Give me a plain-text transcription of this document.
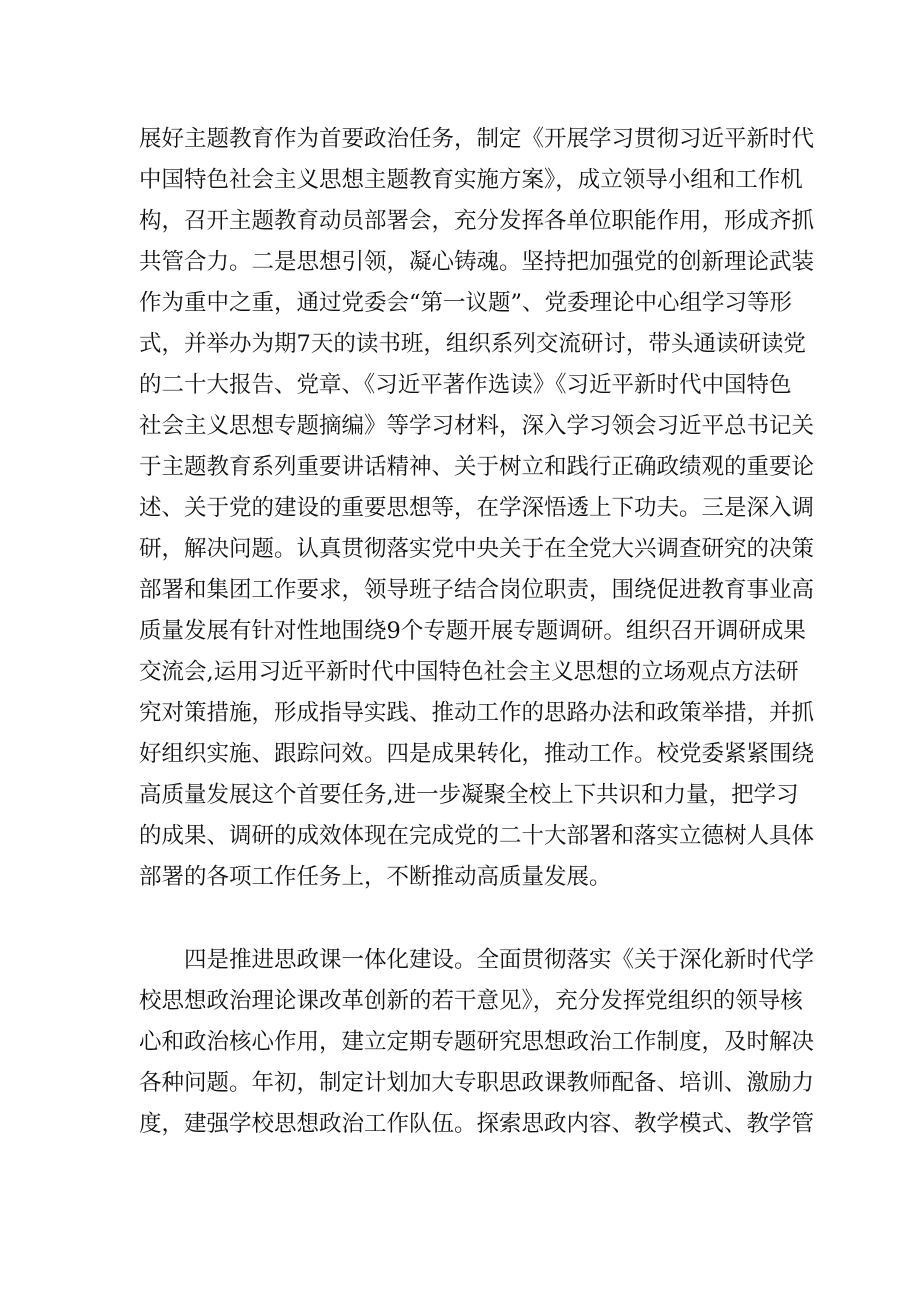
展好主题教育作为首要政治任务，制定《开展学习贯彻习近平新时代
中国特色社会主义思想主题教育实施方案》，成立领导小组和工作机
构，召开主题教育动员部署会，充分发挥各单位职能作用，形成齐抓
共管合力。二是思想引领，凝心铸魂。坚持把加强党的创新理论武装
作为重中之重，通过党委会“第一议题”、党委理论中心组学习等形
式，并举办为期7天的读书班，组织系列交流研讨，带头通读研读党
的二十大报告、党章、《习近平著作选读》《习近平新时代中国特色
社会主义思想专题摘编》等学习材料，深入学习领会习近平总书记关
于主题教育系列重要讲话精神、关于树立和践行正确政绩观的重要论
述、关于党的建设的重要思想等，在学深悟透上下功夫。三是深入调
研，解决问题。认真贯彻落实党中央关于在全党大兴调查研究的决策
部署和集团工作要求，领导班子结合岗位职责，围绕促进教育事业高
质量发展有针对性地围绕9个专题开展专题调研。组织召开调研成果
交流会,运用习近平新时代中国特色社会主义思想的立场观点方法研
究对策措施，形成指导实践、推动工作的思路办法和政策举措，并抓
好组织实施、跟踪问效。四是成果转化，推动工作。校党委紧紧围绕
高质量发展这个首要任务,进一步凝聚全校上下共识和力量，把学习
的成果、调研的成效体现在完成党的二十大部署和落实立德树人具体
部署的各项工作任务上，不断推动高质量发展。
　　四是推进思政课一体化建设。全面贯彻落实《关于深化新时代学
校思想政治理论课改革创新的若干意见》，充分发挥党组织的领导核
心和政治核心作用，建立定期专题研究思想政治工作制度，及时解决
各种问题。年初，制定计划加大专职思政课教师配备、培训、激励力
度，建强学校思想政治工作队伍。探索思政内容、教学模式、教学管
